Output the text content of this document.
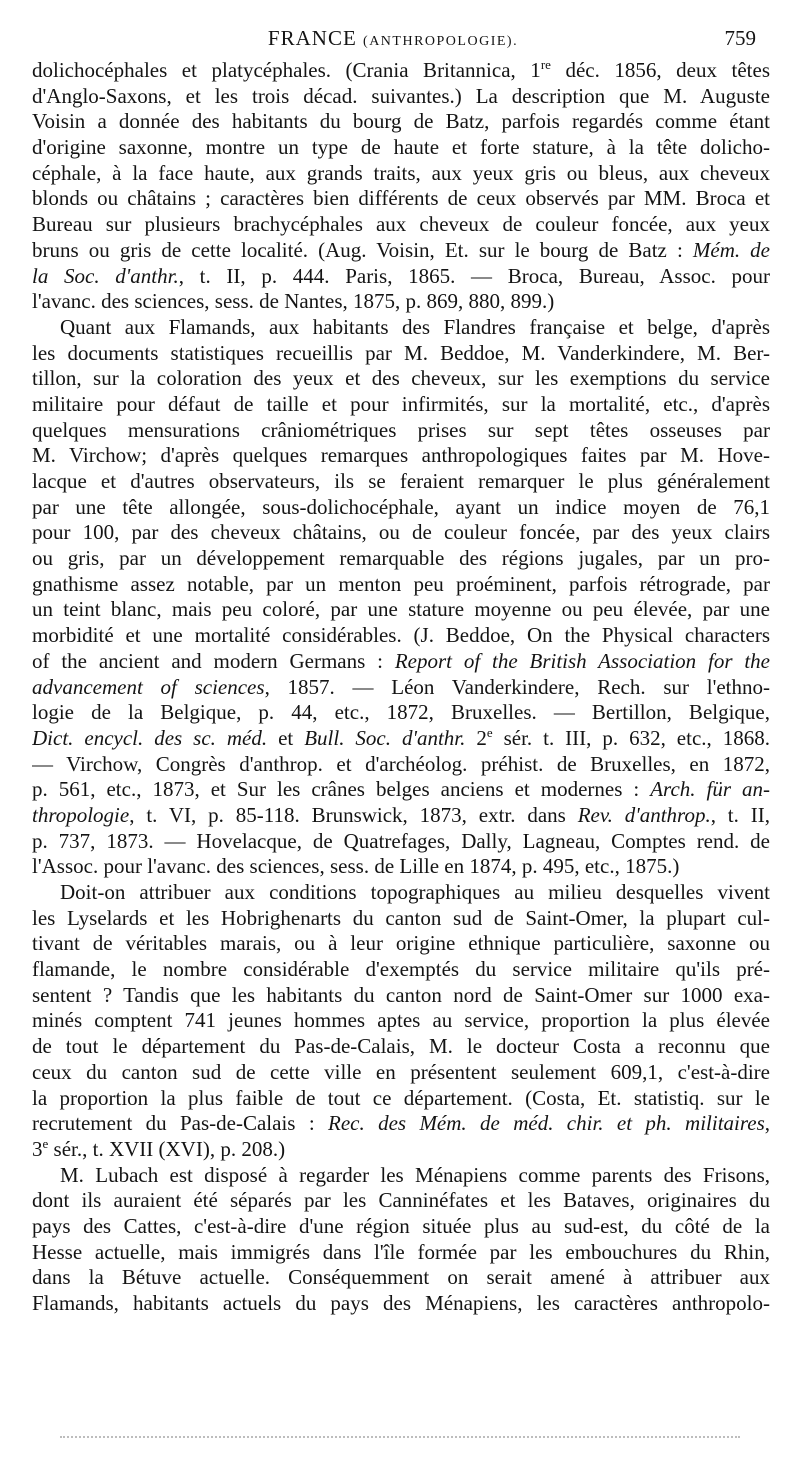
FRANCE (ANTHROPOLOGIE).	759
dolichocéphales et platycéphales. (Crania Britannica, 1re déc. 1856, deux têtes
d'Anglo-Saxons, et les trois décad. suivantes.) La description que M. Auguste
Voisin a donnée des habitants du bourg de Batz, parfois regardés comme étant
d'origine saxonne, montre un type de haute et forte stature, à la tête dolicho-
céphale, à la face haute, aux grands traits, aux yeux gris ou bleus, aux cheveux
blonds ou châtains ; caractères bien différents de ceux observés par MM. Broca et
Bureau sur plusieurs brachycéphales aux cheveux de couleur foncée, aux yeux
bruns ou gris de cette localité. (Aug. Voisin, Et. sur le bourg de Batz : Mém. de
la Soc. d'anthr., t. II, p. 444. Paris, 1865. — Broca, Bureau, Assoc. pour
l'avanc. des sciences, sess. de Nantes, 1875, p. 869, 880, 899.)
Quant aux Flamands, aux habitants des Flandres française et belge, d'après
les documents statistiques recueillis par M. Beddoe, M. Vanderkindere, M. Ber-
tillon, sur la coloration des yeux et des cheveux, sur les exemptions du service
militaire pour défaut de taille et pour infirmités, sur la mortalité, etc., d'après
quelques mensurations crâniométriques prises sur sept têtes osseuses par
M. Virchow; d'après quelques remarques anthropologiques faites par M. Hove-
lacque et d'autres observateurs, ils se feraient remarquer le plus généralement
par une tête allongée, sous-dolichocéphale, ayant un indice moyen de 76,1
pour 100, par des cheveux châtains, ou de couleur foncée, par des yeux clairs
ou gris, par un développement remarquable des régions jugales, par un pro-
gnathisme assez notable, par un menton peu proéminent, parfois rétrograde, par
un teint blanc, mais peu coloré, par une stature moyenne ou peu élevée, par une
morbidité et une mortalité considérables. (J. Beddoe, On the Physical characters
of the ancient and modern Germans : Report of the British Association for the
advancement of sciences, 1857. — Léon Vanderkindere, Rech. sur l'ethno-
logie de la Belgique, p. 44, etc., 1872, Bruxelles. — Bertillon, Belgique,
Dict. encycl. des sc. méd. et Bull. Soc. d'anthr. 2e sér. t. III, p. 632, etc., 1868.
— Virchow, Congrès d'anthrop. et d'archéolog. préhist. de Bruxelles, en 1872,
p. 561, etc., 1873, et Sur les crânes belges anciens et modernes : Arch. für an-
thropologie, t. VI, p. 85-118. Brunswick, 1873, extr. dans Rev. d'anthrop., t. II,
p. 737, 1873. — Hovelacque, de Quatrefages, Dally, Lagneau, Comptes rend. de
l'Assoc. pour l'avanc. des sciences, sess. de Lille en 1874, p. 495, etc., 1875.)
Doit-on attribuer aux conditions topographiques au milieu desquelles vivent
les Lyselards et les Hobrighenarts du canton sud de Saint-Omer, la plupart cul-
tivant de véritables marais, ou à leur origine ethnique particulière, saxonne ou
flamande, le nombre considérable d'exemptés du service militaire qu'ils pré-
sentent ? Tandis que les habitants du canton nord de Saint-Omer sur 1000 exa-
minés comptent 741 jeunes hommes aptes au service, proportion la plus élevée
de tout le département du Pas-de-Calais, M. le docteur Costa a reconnu que
ceux du canton sud de cette ville en présentent seulement 609,1, c'est-à-dire
la proportion la plus faible de tout ce département. (Costa, Et. statistiq. sur le
recrutement du Pas-de-Calais : Rec. des Mém. de méd. chir. et ph. militaires,
3e sér., t. XVII (XVI), p. 208.)
M. Lubach est disposé à regarder les Ménapiens comme parents des Frisons,
dont ils auraient été séparés par les Canninéfates et les Bataves, originaires du
pays des Cattes, c'est-à-dire d'une région située plus au sud-est, du côté de la
Hesse actuelle, mais immigrés dans l'île formée par les embouchures du Rhin,
dans la Bétuve actuelle. Conséquemment on serait amené à attribuer aux
Flamands, habitants actuels du pays des Ménapiens, les caractères anthropolo-
